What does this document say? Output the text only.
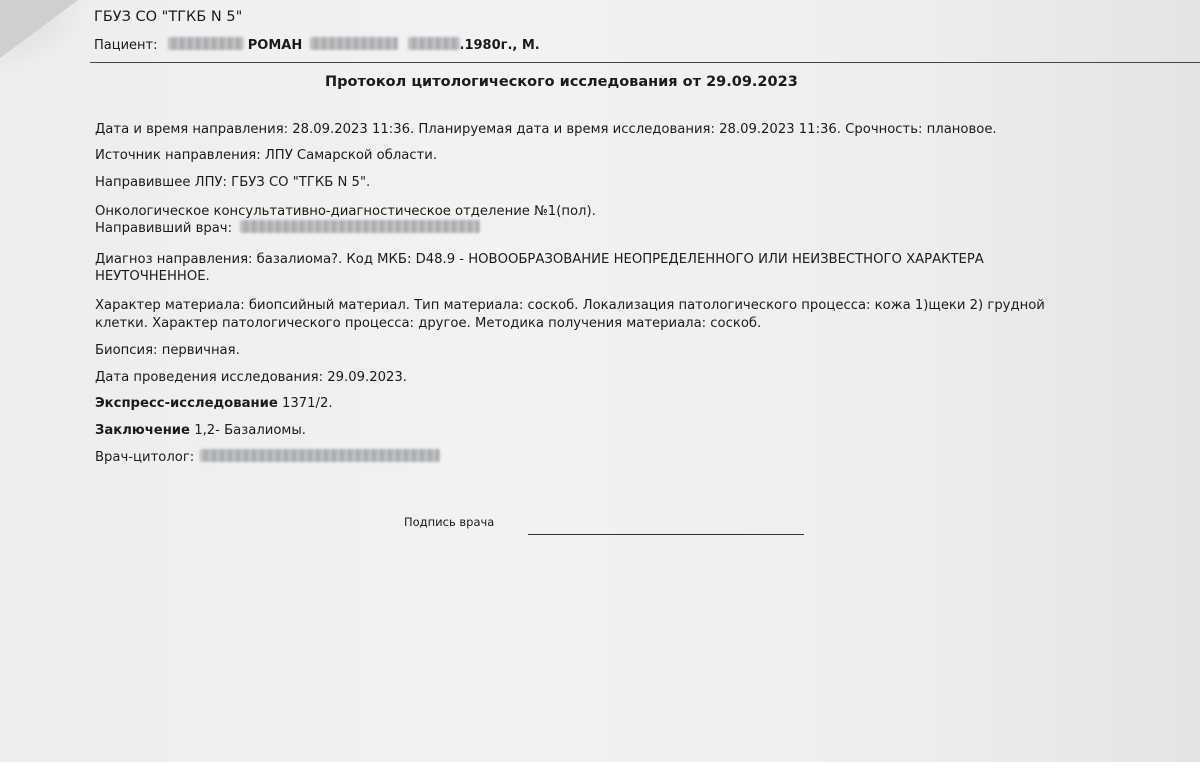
ГБУЗ СО "ТГКБ N 5"
Пациент:	РОМАН	.1980г., М.
Протокол цитологического исследования от 29.09.2023
Дата и время направления: 28.09.2023 11:36. Планируемая дата и время исследования: 28.09.2023 11:36. Срочность: плановое.
Источник направления: ЛПУ Самарской области.
Направившее ЛПУ: ГБУЗ СО "ТГКБ N 5".
Онкологическое консультативно-диагностическое отделение №1(пол).
Направивший врач:
Диагноз направления: базалиома?. Код МКБ: D48.9 - НОВООБРАЗОВАНИЕ НЕОПРЕДЕЛЕННОГО ИЛИ НЕИЗВЕСТНОГО ХАРАКТЕРА
НЕУТОЧНЕННОЕ.
Характер материала: биопсийный материал. Тип материала: соскоб. Локализация патологического процесса: кожа 1)щеки 2) грудной
клетки. Характер патологического процесса: другое. Методика получения материала: соскоб.
Биопсия: первичная.
Дата проведения исследования: 29.09.2023.
Экспресс-исследование 1371/2.
Заключение 1,2- Базалиомы.
Врач-цитолог:
Подпись врача
